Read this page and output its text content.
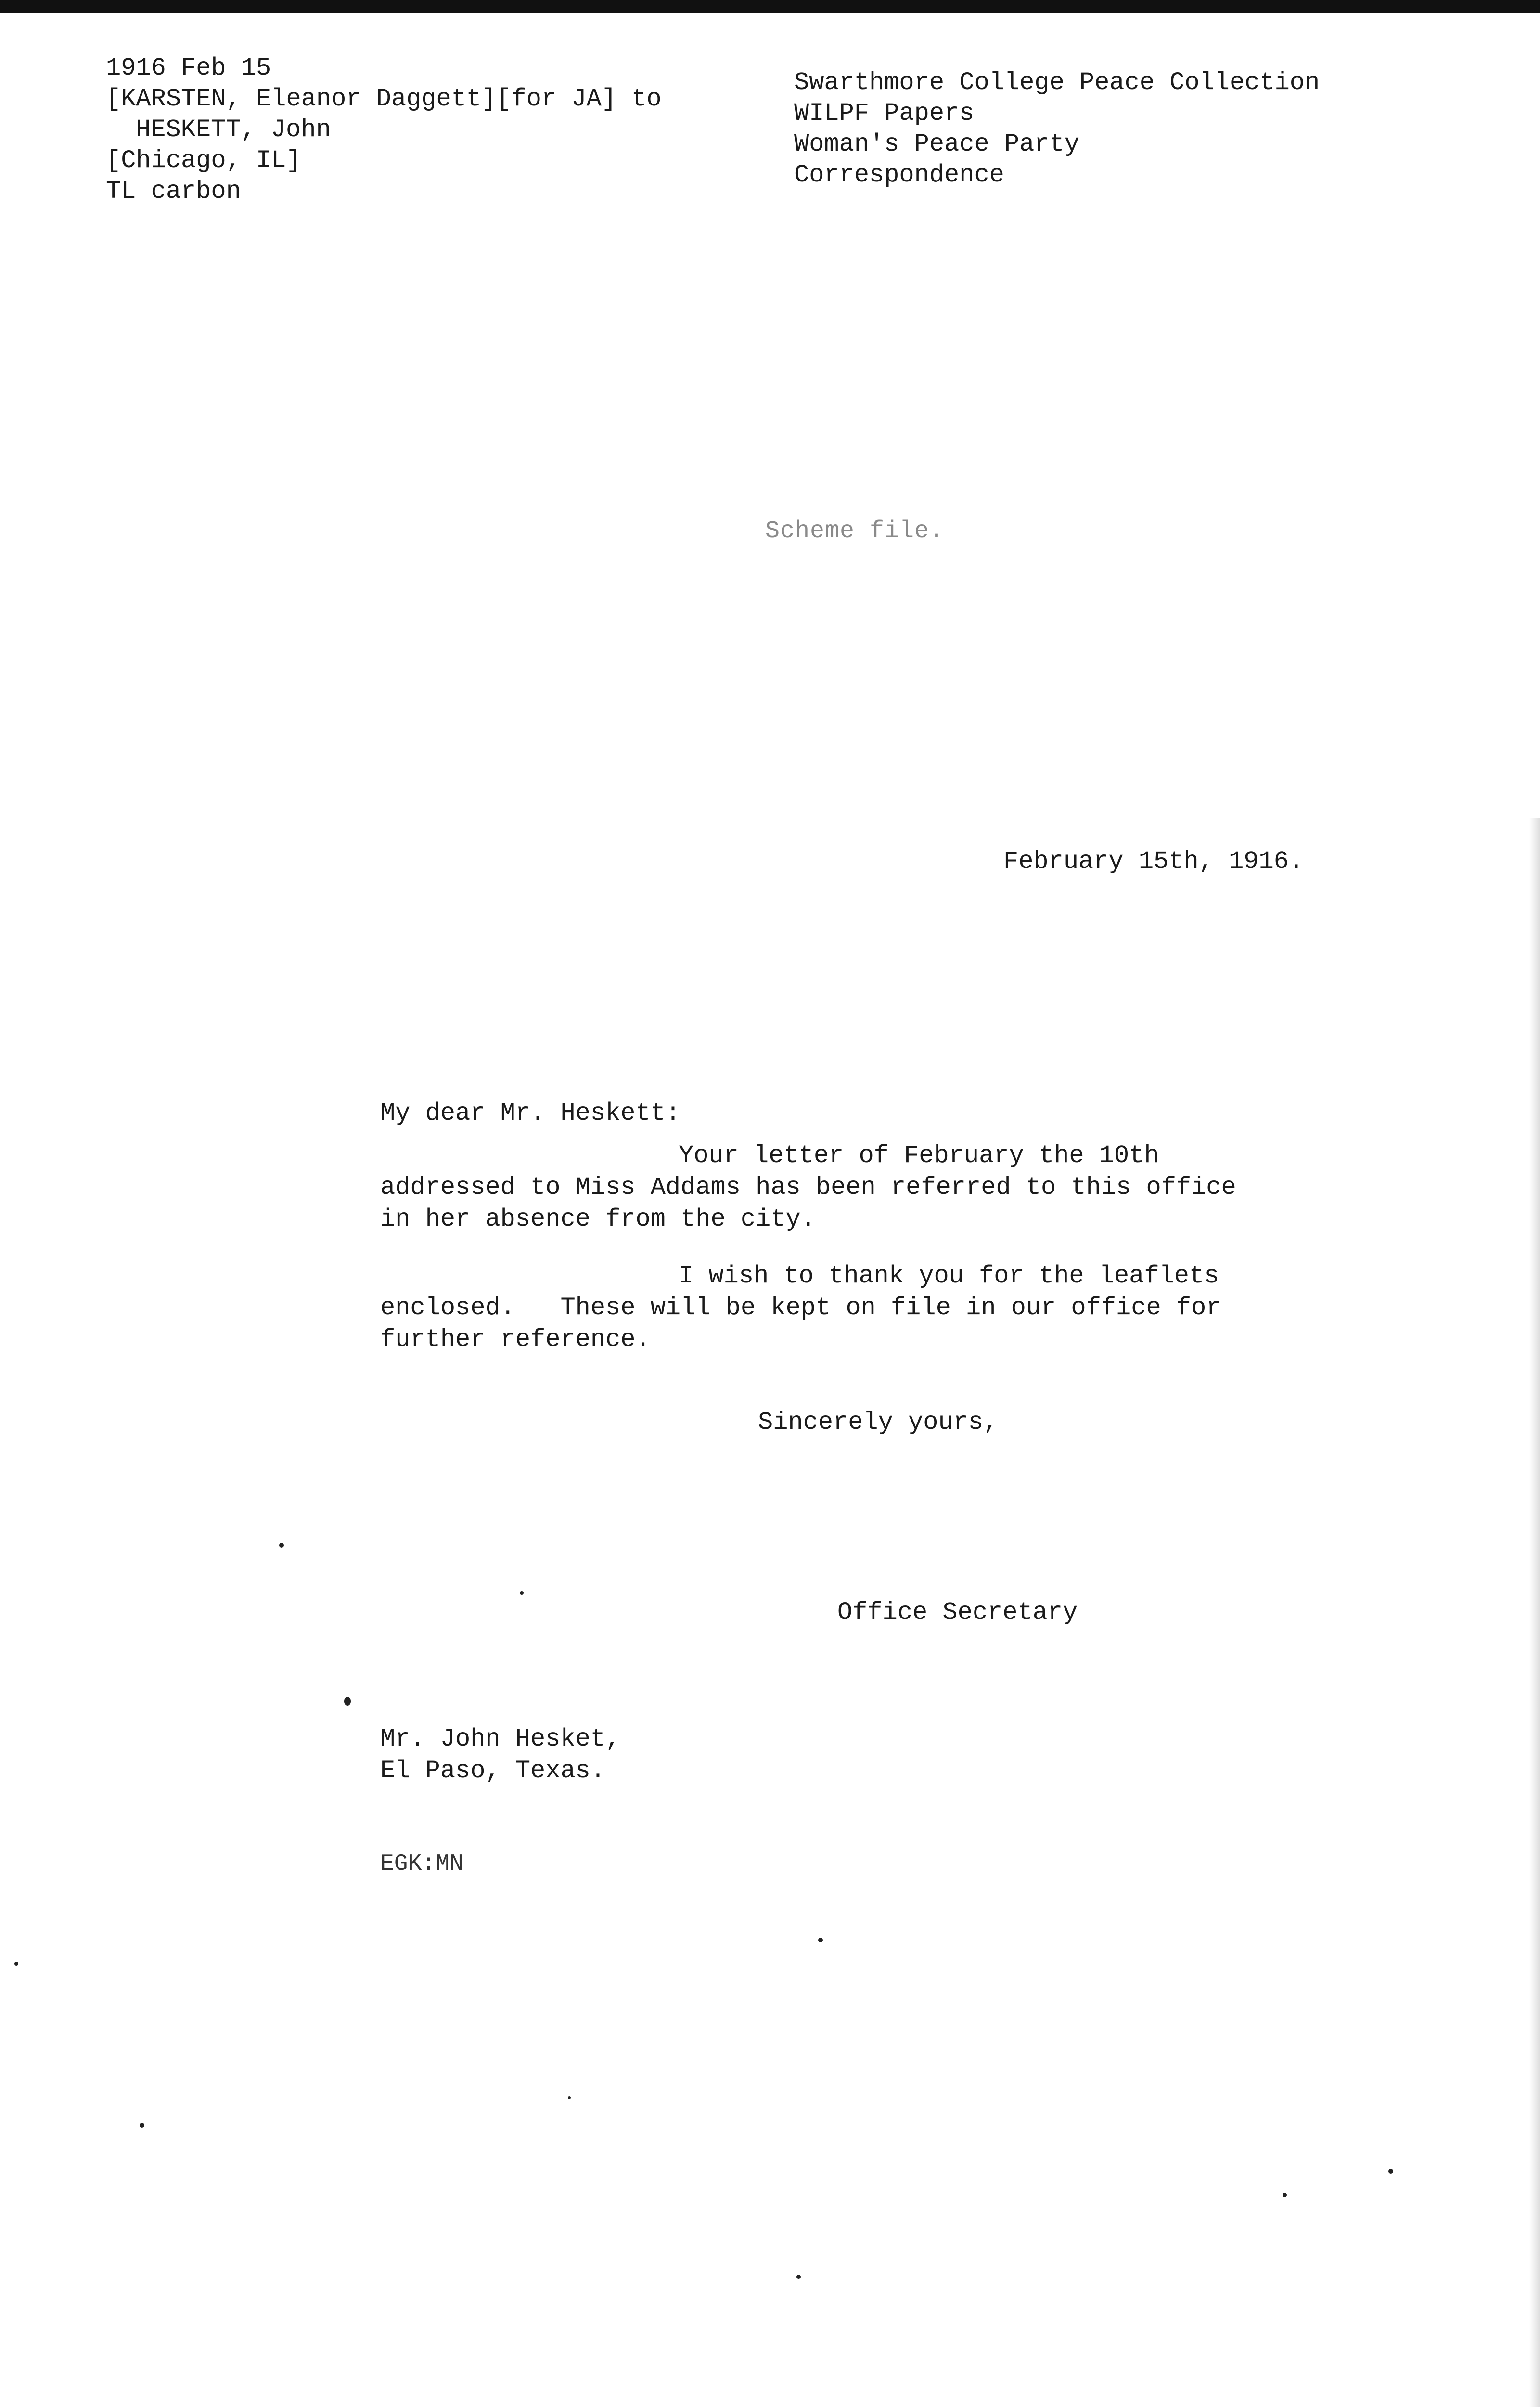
1916 Feb 15
[KARSTEN, Eleanor Daggett][for JA] to
HESKETT, John
[Chicago, IL]
TL carbon
Swarthmore College Peace Collection
WILPF Papers
Woman's Peace Party
Correspondence
Scheme file.
February 15th, 1916.
My dear Mr. Heskett:
Your letter of February the 10th
addressed to Miss Addams has been referred to this office
in her absence from the city.
I wish to thank you for the leaflets
enclosed.   These will be kept on file in our office for
further reference.
Sincerely yours,
Office Secretary
Mr. John Hesket,
El Paso, Texas.
EGK:MN
